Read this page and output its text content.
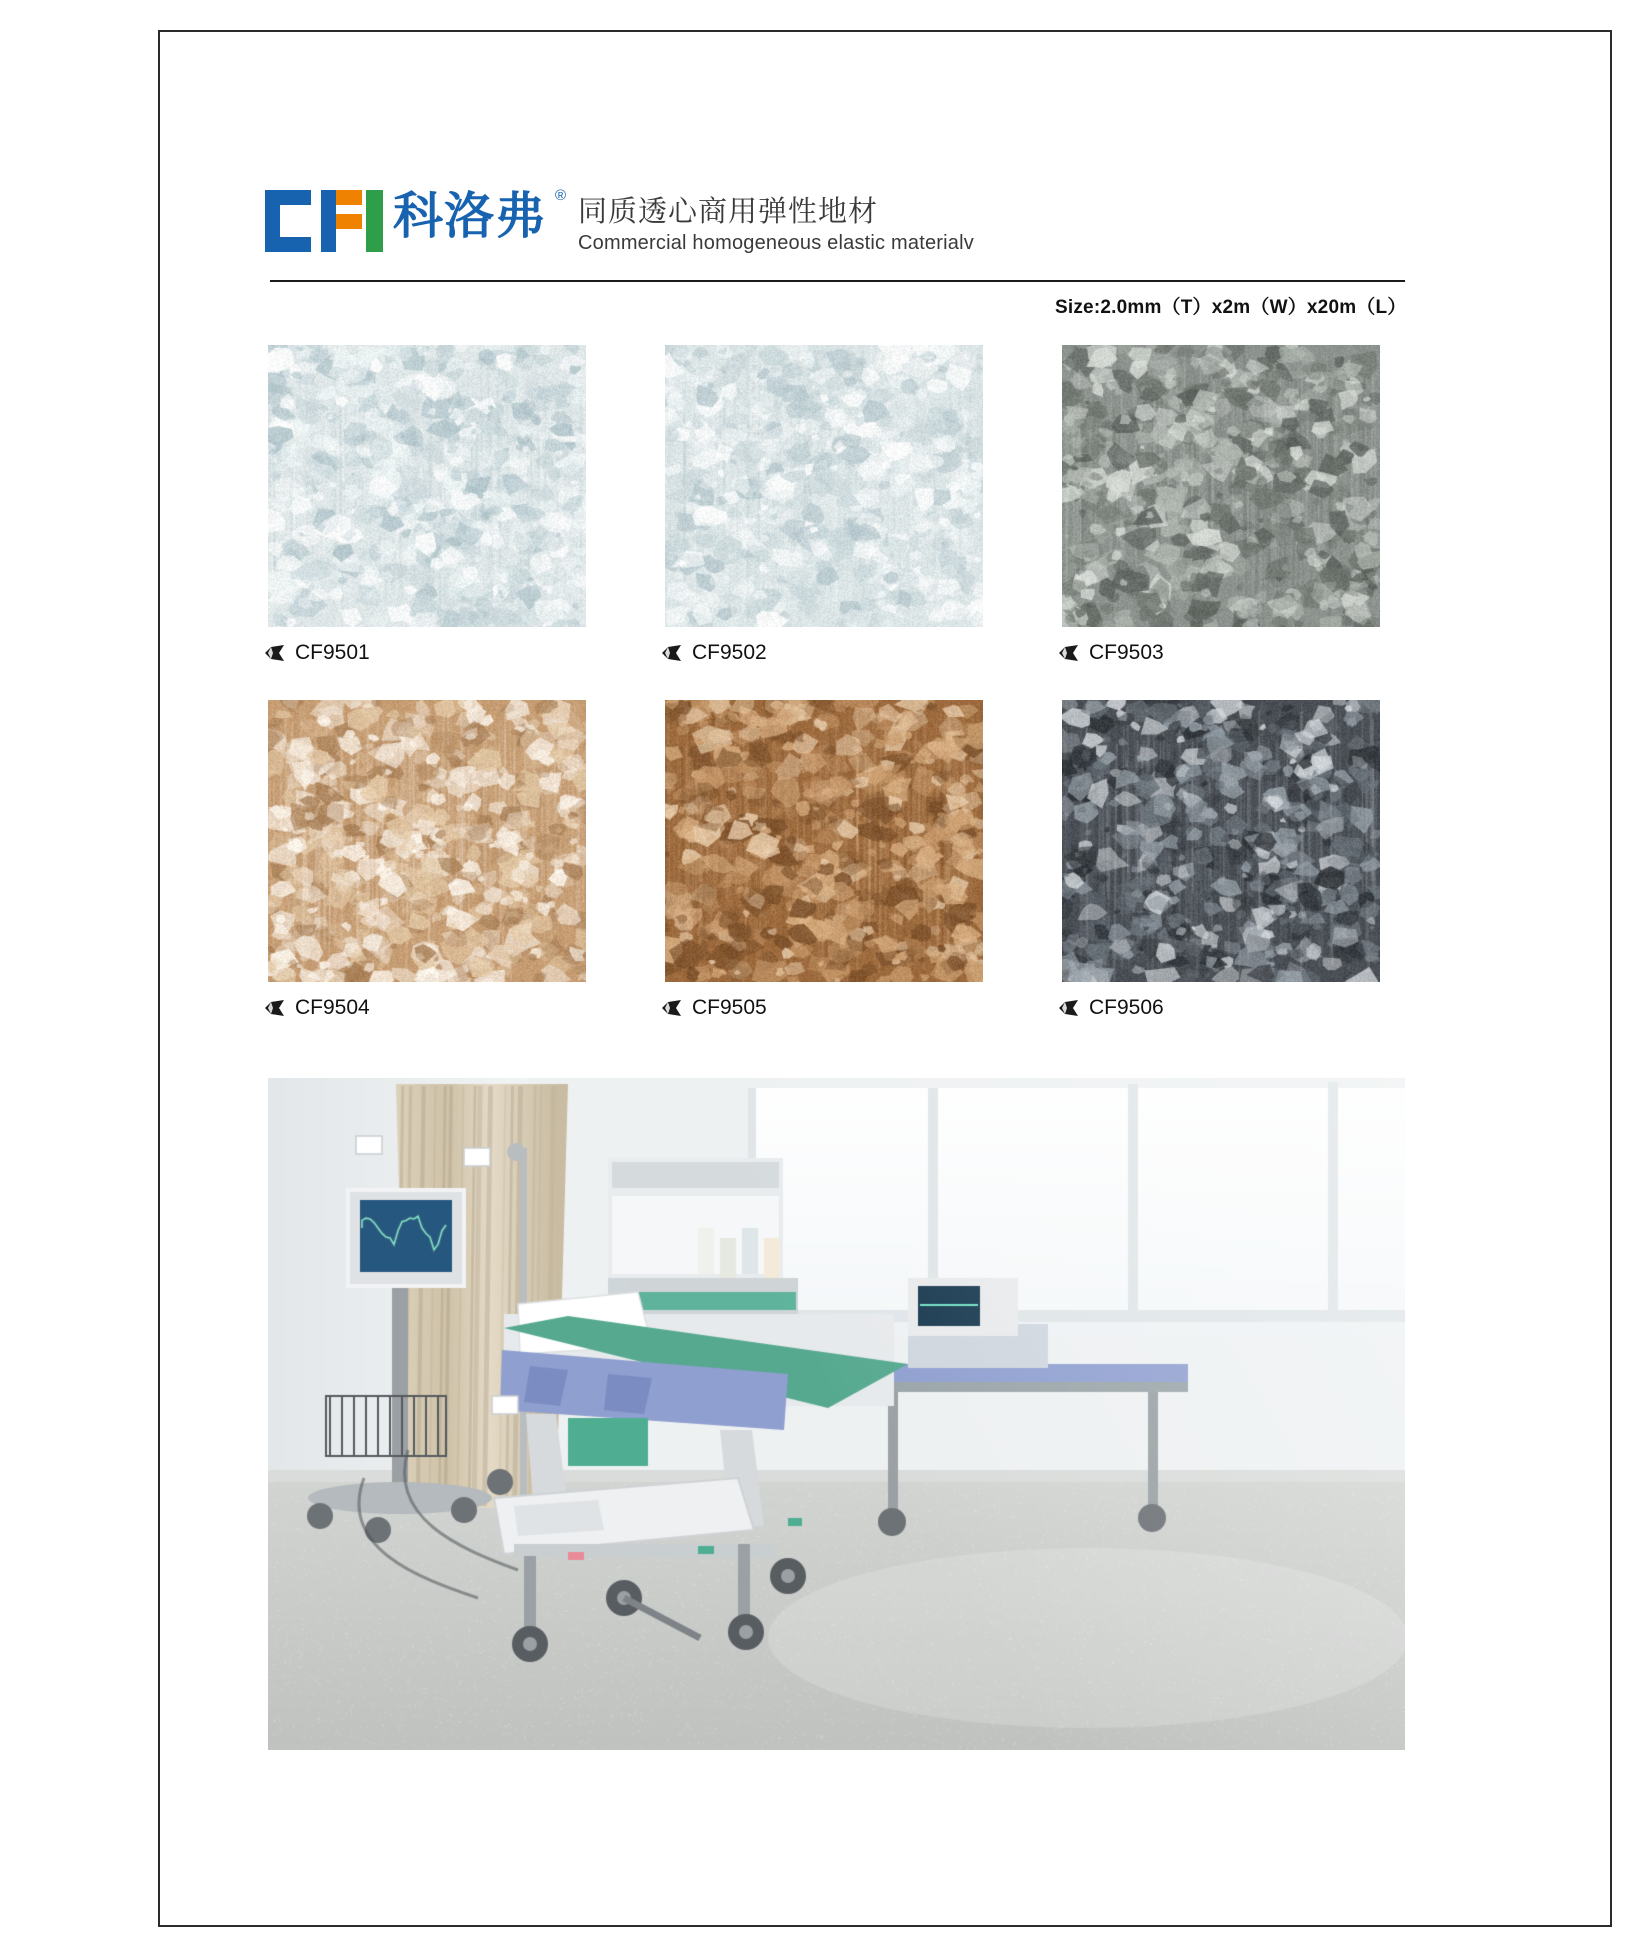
科洛弗 ® 同质透心商用弹性地材
Commercial homogeneous elastic materialv
Size:2.0mm（T）x2m（W）x20m（L）
CF9501	CF9502	CF9503
CF9504	CF9505	CF9506
